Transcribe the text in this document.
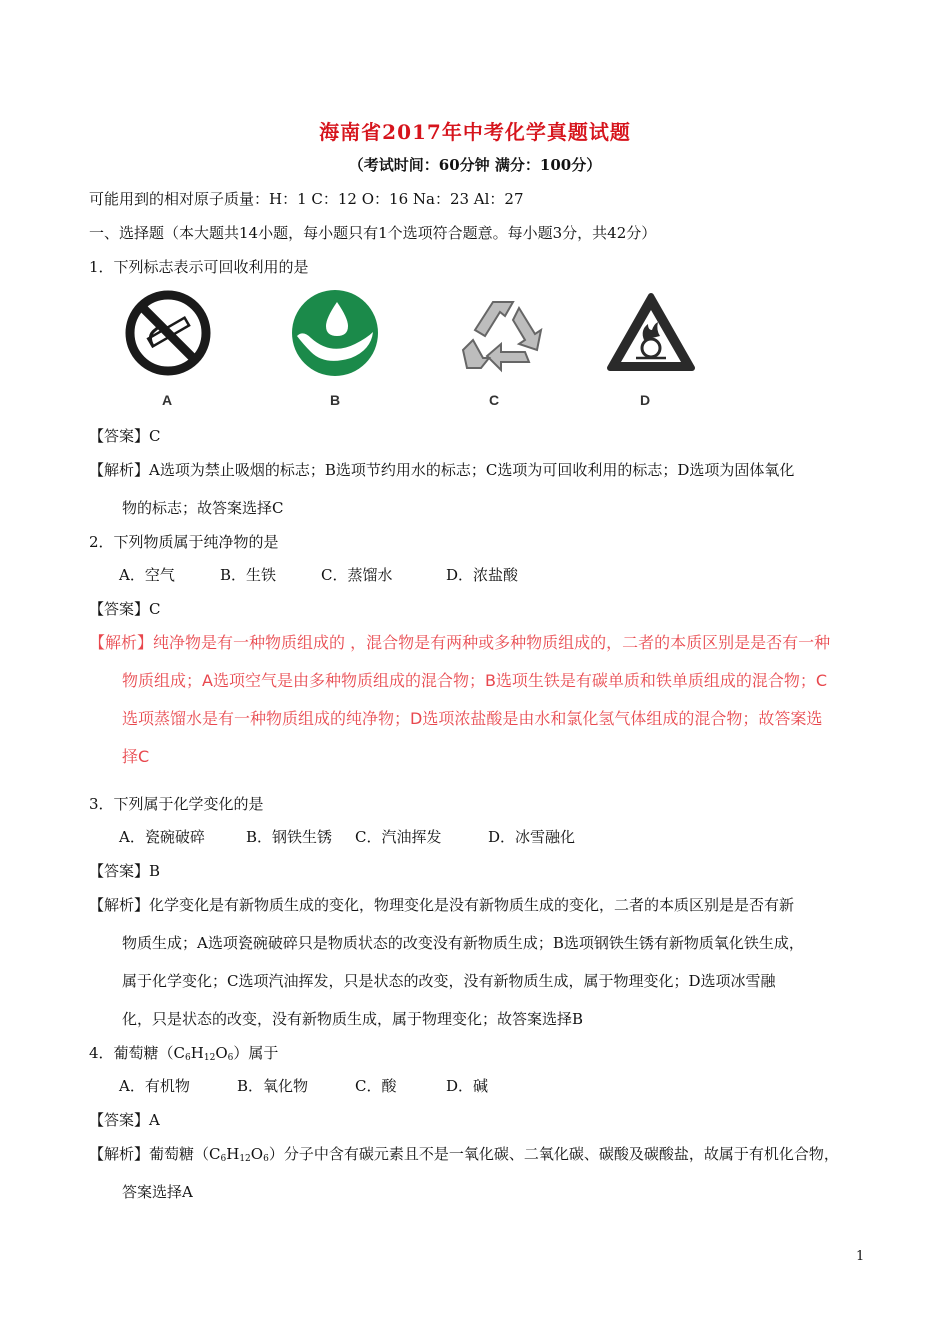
海南省2017年中考化学真题试题
（考试时间：60分钟 满分：100分）
可能用到的相对原子质量：H：1 C：12 O：16 Na：23 Al：27
一、选择题（本大题共14小题，每小题只有1个选项符合题意。每小题3分，共42分）
1．下列标志表示可回收利用的是
A	B	C	D
【答案】C
【解析】A选项为禁止吸烟的标志；B选项节约用水的标志；C选项为可回收利用的标志；D选项为固体氧化
物的标志；故答案选择C
2．下列物质属于纯净物的是
A．空气	B．生铁	C．蒸馏水	D．浓盐酸
【答案】C
【解析】纯净物是有一种物质组成的 ，混合物是有两种或多种物质组成的，二者的本质区别是是否有一种
物质组成；A选项空气是由多种物质组成的混合物；B选项生铁是有碳单质和铁单质组成的混合物；C
选项蒸馏水是有一种物质组成的纯净物；D选项浓盐酸是由水和氯化氢气体组成的混合物；故答案选
择C
3．下列属于化学变化的是
A．瓷碗破碎	B．钢铁生锈 C．汽油挥发	D．冰雪融化
【答案】B
【解析】化学变化是有新物质生成的变化，物理变化是没有新物质生成的变化，二者的本质区别是是否有新
物质生成；A选项瓷碗破碎只是物质状态的改变没有新物质生成；B选项钢铁生锈有新物质氧化铁生成，
属于化学变化；C选项汽油挥发，只是状态的改变，没有新物质生成，属于物理变化；D选项冰雪融
化，只是状态的改变，没有新物质生成，属于物理变化；故答案选择B
4．葡萄糖$(C_6H_{12}O_6)$属于
A．有机物	B．氧化物	C．酸	D．碱
【答案】A
【解析】葡萄糖$(C_6H_{12}O_6)$分子中含有碳元素且不是一氧化碳、二氧化碳、碳酸及碳酸盐，故属于有机化合物，
答案选择A
1
